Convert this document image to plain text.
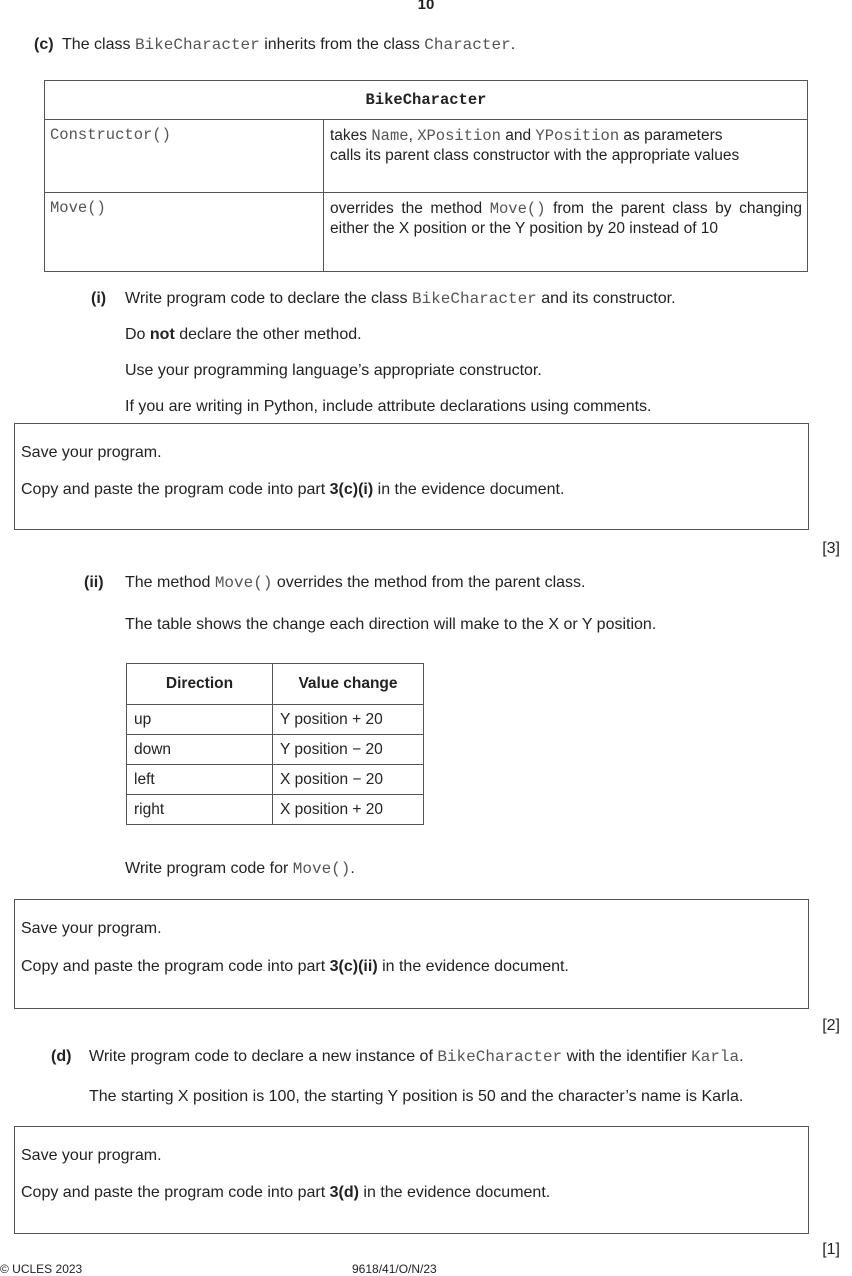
10
(c) The class BikeCharacter inherits from the class Character.
BikeCharacter	
Constructor()	takes Name, XPosition and YPosition as parameters
calls its parent class constructor with the appropriate values
Move()	overrides the method Move() from the parent class by changing either the X position or the Y position by 20 instead of 10
(i) Write program code to declare the class BikeCharacter and its constructor.
Do not declare the other method.
Use your programming language’s appropriate constructor.
If you are writing in Python, include attribute declarations using comments.

Save your program.

Copy and paste the program code into part 3(c)(i) in the evidence document.

[3]
(ii) The method Move() overrides the method from the parent class.
The table shows the change each direction will make to the X or Y position.
Direction	Value change
up	Y position + 20
down	Y position − 20
left	X position − 20
right	X position + 20
Write program code for Move().

Save your program.

Copy and paste the program code into part 3(c)(ii) in the evidence document.

[2]
(d) Write program code to declare a new instance of BikeCharacter with the identifier Karla.
The starting X position is 100, the starting Y position is 50 and the character’s name is Karla.

Save your program.

Copy and paste the program code into part 3(d) in the evidence document.

[1]
© UCLES 2023	9618/41/O/N/23
